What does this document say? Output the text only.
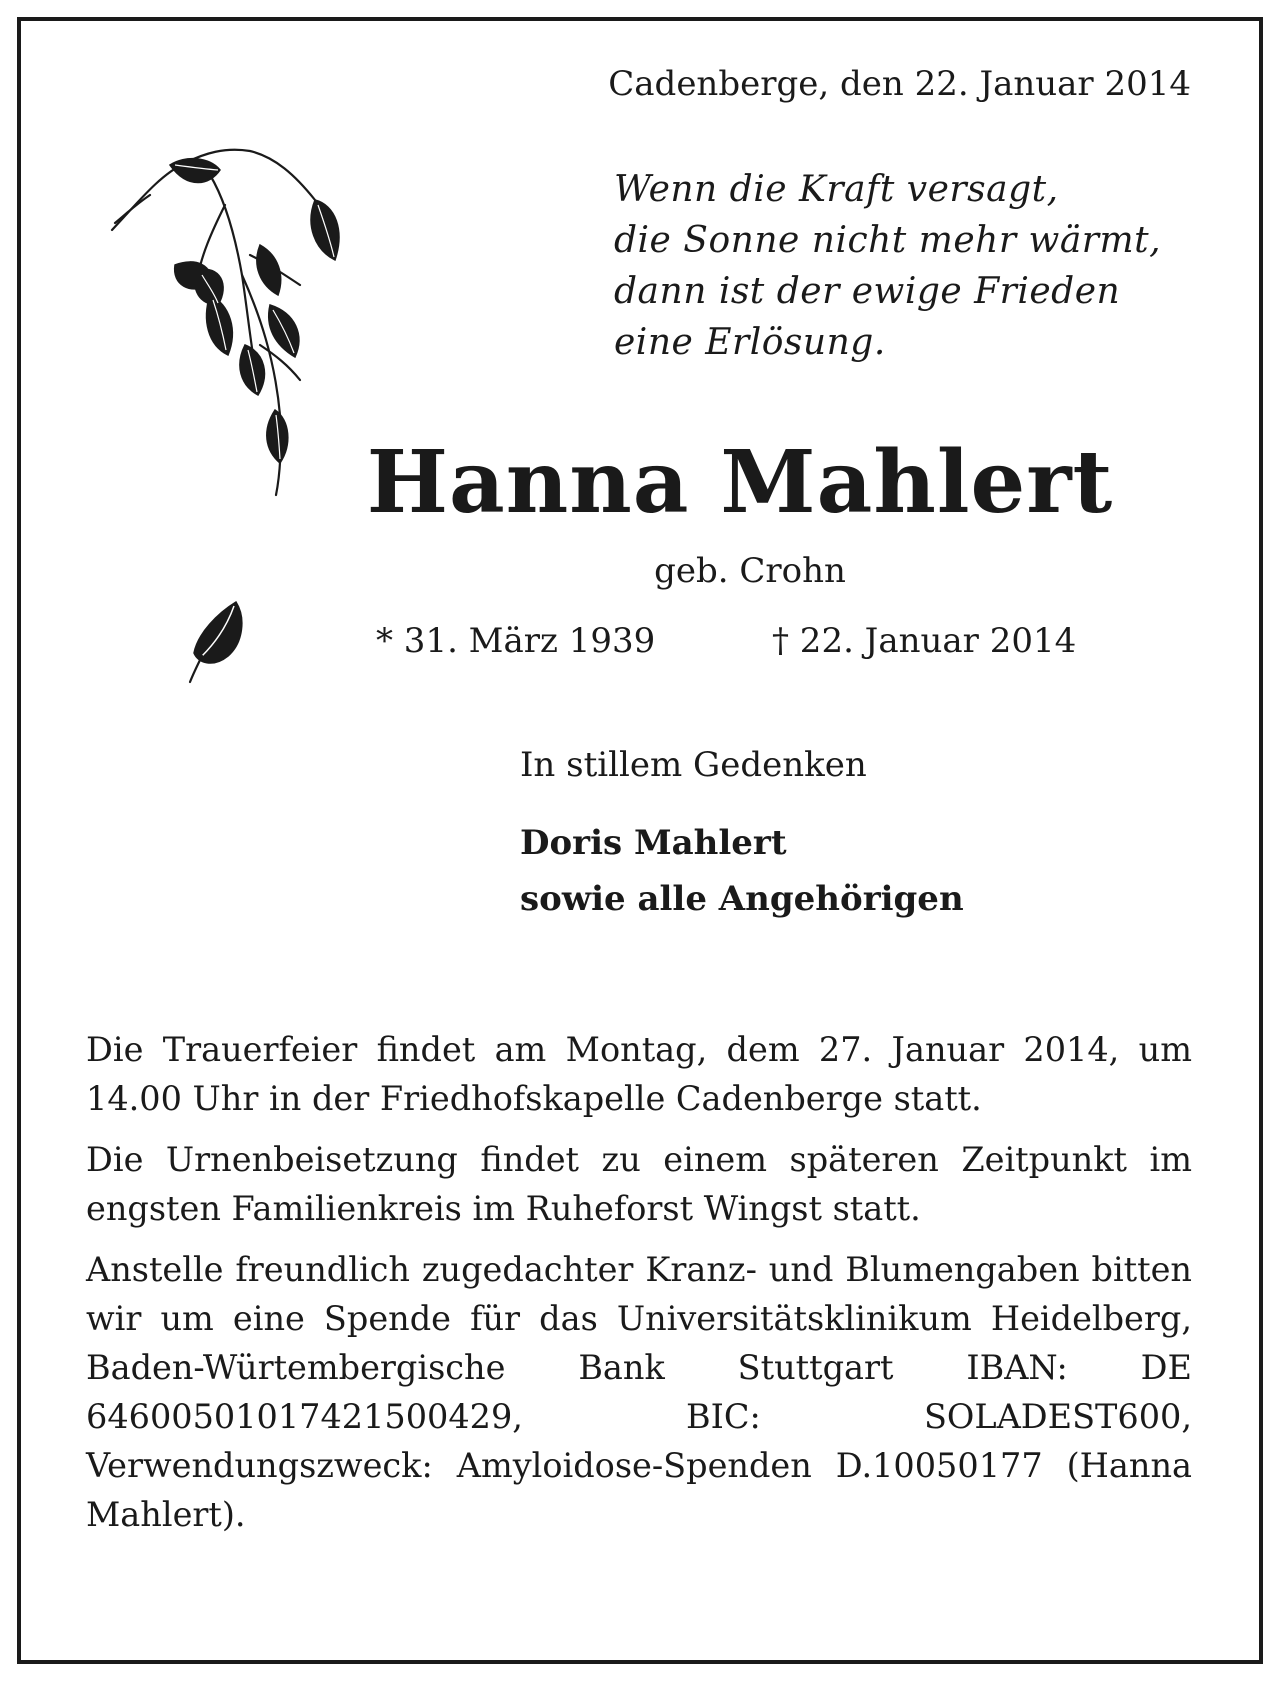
Cadenberge, den 22. Januar 2014
Wenn die Kraft versagt,
die Sonne nicht mehr wärmt,
dann ist der ewige Frieden
eine Erlösung.
Hanna Mahlert
geb. Crohn
* 31. März 1939	† 22. Januar 2014
In stillem Gedenken
Doris Mahlert
sowie alle Angehörigen

Die Trauerfeier findet am Montag, dem 27. Januar 2014, um 14.00 Uhr in der Friedhofskapelle Cadenberge statt.

Die Urnenbeisetzung findet zu einem späteren Zeitpunkt im engsten Familienkreis im Ruheforst Wingst statt.

Anstelle freundlich zugedachter Kranz- und Blumengaben bitten wir um eine Spende für das Universitätsklinikum Heidelberg, Baden-Würtembergische Bank Stuttgart IBAN: DE 64600501017421500429, BIC: SOLADEST600, Verwendungszweck: Amyloidose-Spenden D.10050177 (Hanna Mahlert).
